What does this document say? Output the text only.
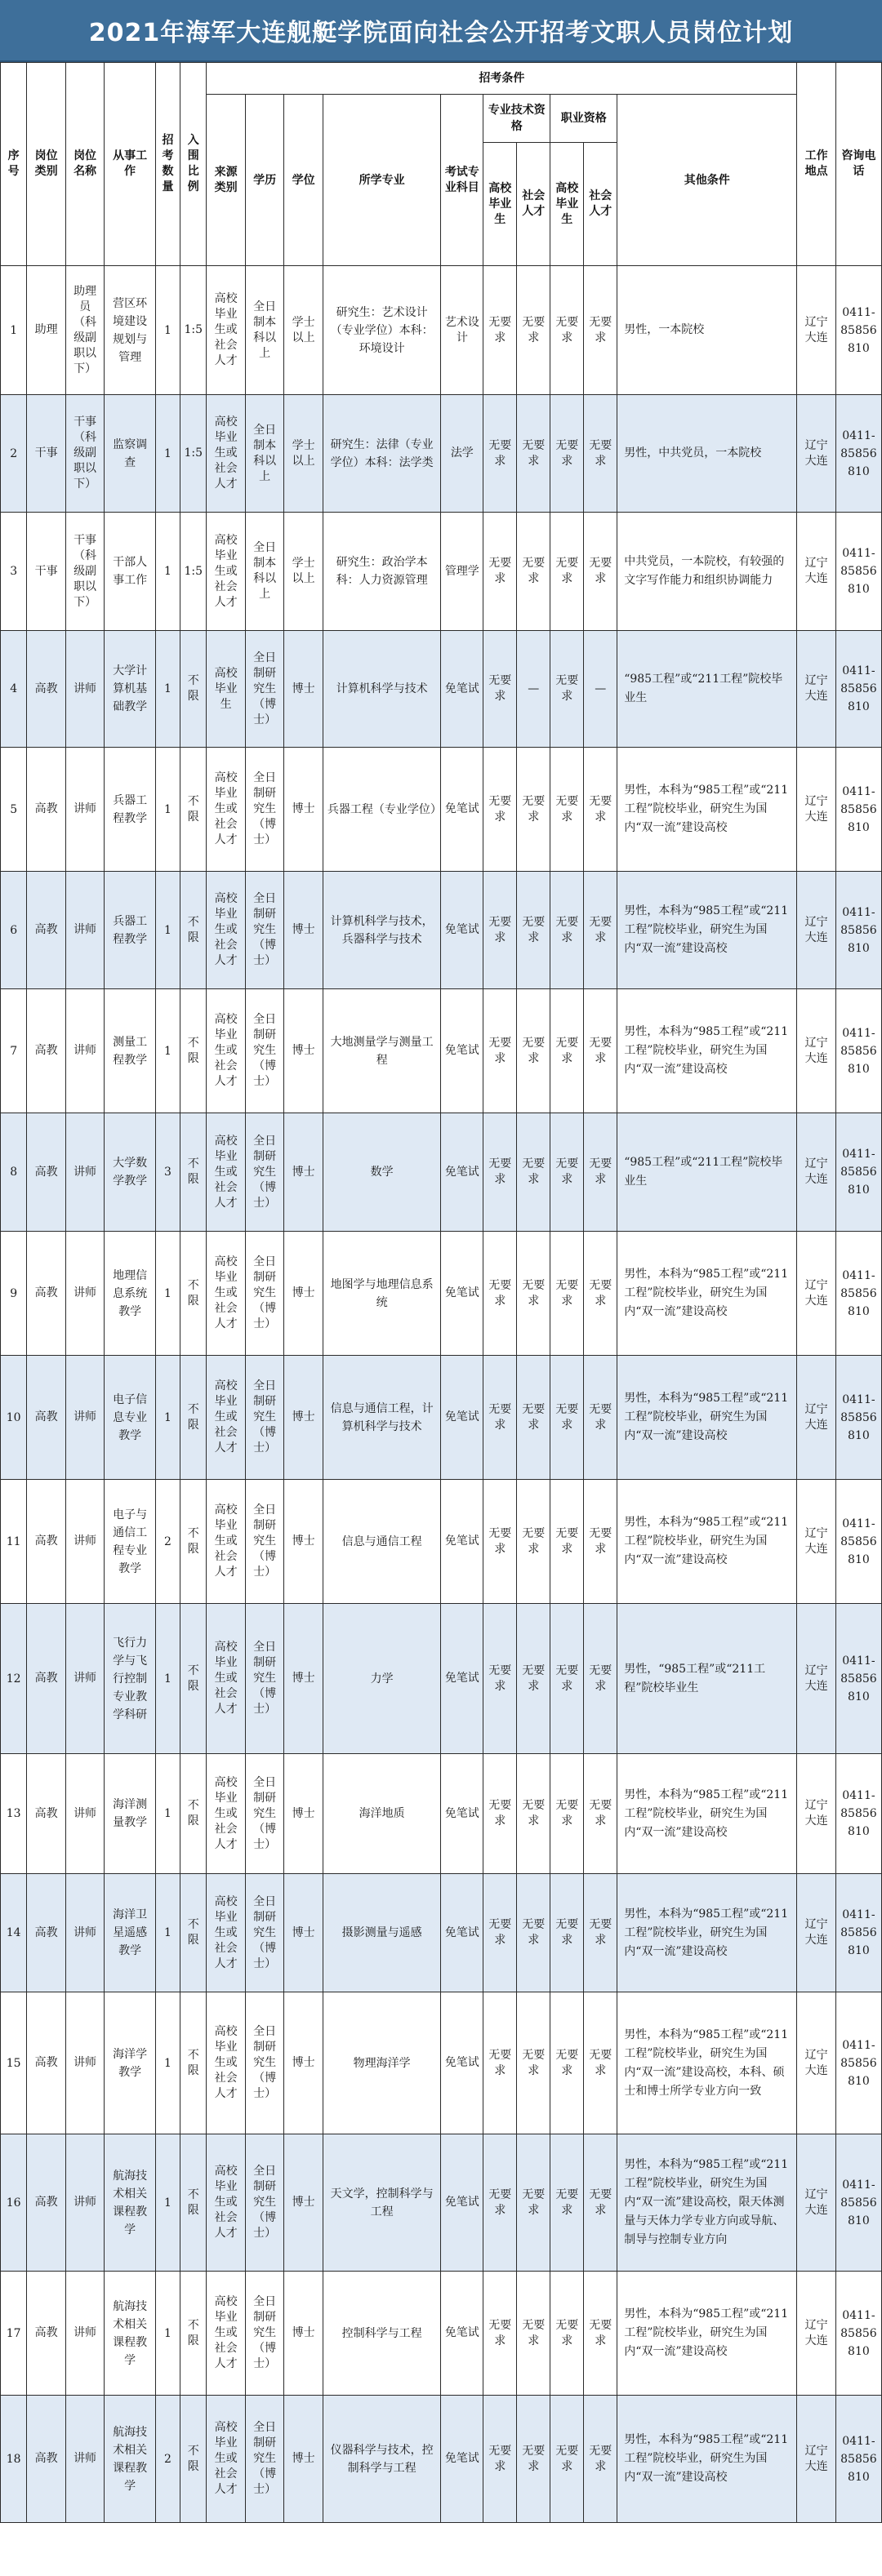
2021年海军大连舰艇学院面向社会公开招考文职人员岗位计划
序号	岗位类别	岗位名称	从事工作	招考数量	入围比例	招考条件										工作地点	咨询电话
						来源类别	学历	学位	所学专业	考试专业科目	专业技术资格		职业资格		其他条件		
											高校毕业生	社会人才	高校毕业生	社会人才			
1	助理	助理员（科级副职以下）	营区环境建设规划与管理	1	1:5	高校毕业生或社会人才	全日制本科以上	学士以上	研究生：艺术设计（专业学位）本科：环境设计	艺术设计	无要求	无要求	无要求	无要求	男性，一本院校	辽宁大连	0411-85856810
2	干事	干事（科级副职以下）	监察调查	1	1:5	高校毕业生或社会人才	全日制本科以上	学士以上	研究生：法律（专业学位）本科：法学类	法学	无要求	无要求	无要求	无要求	男性，中共党员，一本院校	辽宁大连	0411-85856810
3	干事	干事（科级副职以下）	干部人事工作	1	1:5	高校毕业生或社会人才	全日制本科以上	学士以上	研究生：政治学本科：人力资源管理	管理学	无要求	无要求	无要求	无要求	中共党员，一本院校，有较强的文字写作能力和组织协调能力	辽宁大连	0411-85856810
4	高教	讲师	大学计算机基础教学	1	不限	高校毕业生	全日制研究生（博士）	博士	计算机科学与技术	免笔试	无要求	—	无要求	—	“985工程”或“211工程”院校毕业生	辽宁大连	0411-85856810
5	高教	讲师	兵器工程教学	1	不限	高校毕业生或社会人才	全日制研究生（博士）	博士	兵器工程（专业学位）	免笔试	无要求	无要求	无要求	无要求	男性，本科为“985工程”或“211工程”院校毕业，研究生为国内“双一流”建设高校	辽宁大连	0411-85856810
6	高教	讲师	兵器工程教学	1	不限	高校毕业生或社会人才	全日制研究生（博士）	博士	计算机科学与技术，兵器科学与技术	免笔试	无要求	无要求	无要求	无要求	男性，本科为“985工程”或“211工程”院校毕业，研究生为国内“双一流”建设高校	辽宁大连	0411-85856810
7	高教	讲师	测量工程教学	1	不限	高校毕业生或社会人才	全日制研究生（博士）	博士	大地测量学与测量工程	免笔试	无要求	无要求	无要求	无要求	男性，本科为“985工程”或“211工程”院校毕业，研究生为国内“双一流”建设高校	辽宁大连	0411-85856810
8	高教	讲师	大学数学教学	3	不限	高校毕业生或社会人才	全日制研究生（博士）	博士	数学	免笔试	无要求	无要求	无要求	无要求	“985工程”或“211工程”院校毕业生	辽宁大连	0411-85856810
9	高教	讲师	地理信息系统教学	1	不限	高校毕业生或社会人才	全日制研究生（博士）	博士	地图学与地理信息系统	免笔试	无要求	无要求	无要求	无要求	男性，本科为“985工程”或“211工程”院校毕业，研究生为国内“双一流”建设高校	辽宁大连	0411-85856810
10	高教	讲师	电子信息专业教学	1	不限	高校毕业生或社会人才	全日制研究生（博士）	博士	信息与通信工程，计算机科学与技术	免笔试	无要求	无要求	无要求	无要求	男性，本科为“985工程”或“211工程”院校毕业，研究生为国内“双一流”建设高校	辽宁大连	0411-85856810
11	高教	讲师	电子与通信工程专业教学	2	不限	高校毕业生或社会人才	全日制研究生（博士）	博士	信息与通信工程	免笔试	无要求	无要求	无要求	无要求	男性，本科为“985工程”或“211工程”院校毕业，研究生为国内“双一流”建设高校	辽宁大连	0411-85856810
12	高教	讲师	飞行力学与飞行控制专业教学科研	1	不限	高校毕业生或社会人才	全日制研究生（博士）	博士	力学	免笔试	无要求	无要求	无要求	无要求	男性，“985工程”或“211工程”院校毕业生	辽宁大连	0411-85856810
13	高教	讲师	海洋测量教学	1	不限	高校毕业生或社会人才	全日制研究生（博士）	博士	海洋地质	免笔试	无要求	无要求	无要求	无要求	男性，本科为“985工程”或“211工程”院校毕业，研究生为国内“双一流”建设高校	辽宁大连	0411-85856810
14	高教	讲师	海洋卫星遥感教学	1	不限	高校毕业生或社会人才	全日制研究生（博士）	博士	摄影测量与遥感	免笔试	无要求	无要求	无要求	无要求	男性，本科为“985工程”或“211工程”院校毕业，研究生为国内“双一流”建设高校	辽宁大连	0411-85856810
15	高教	讲师	海洋学教学	1	不限	高校毕业生或社会人才	全日制研究生（博士）	博士	物理海洋学	免笔试	无要求	无要求	无要求	无要求	男性，本科为“985工程”或“211工程”院校毕业，研究生为国内“双一流”建设高校，本科、硕士和博士所学专业方向一致	辽宁大连	0411-85856810
16	高教	讲师	航海技术相关课程教学	1	不限	高校毕业生或社会人才	全日制研究生（博士）	博士	天文学，控制科学与工程	免笔试	无要求	无要求	无要求	无要求	男性，本科为“985工程”或“211工程”院校毕业，研究生为国内“双一流”建设高校，限天体测量与天体力学专业方向或导航、制导与控制专业方向	辽宁大连	0411-85856810
17	高教	讲师	航海技术相关课程教学	1	不限	高校毕业生或社会人才	全日制研究生（博士）	博士	控制科学与工程	免笔试	无要求	无要求	无要求	无要求	男性，本科为“985工程”或“211工程”院校毕业，研究生为国内“双一流”建设高校	辽宁大连	0411-85856810
18	高教	讲师	航海技术相关课程教学	2	不限	高校毕业生或社会人才	全日制研究生（博士）	博士	仪器科学与技术，控制科学与工程	免笔试	无要求	无要求	无要求	无要求	男性，本科为“985工程”或“211工程”院校毕业，研究生为国内“双一流”建设高校	辽宁大连	0411-85856810
